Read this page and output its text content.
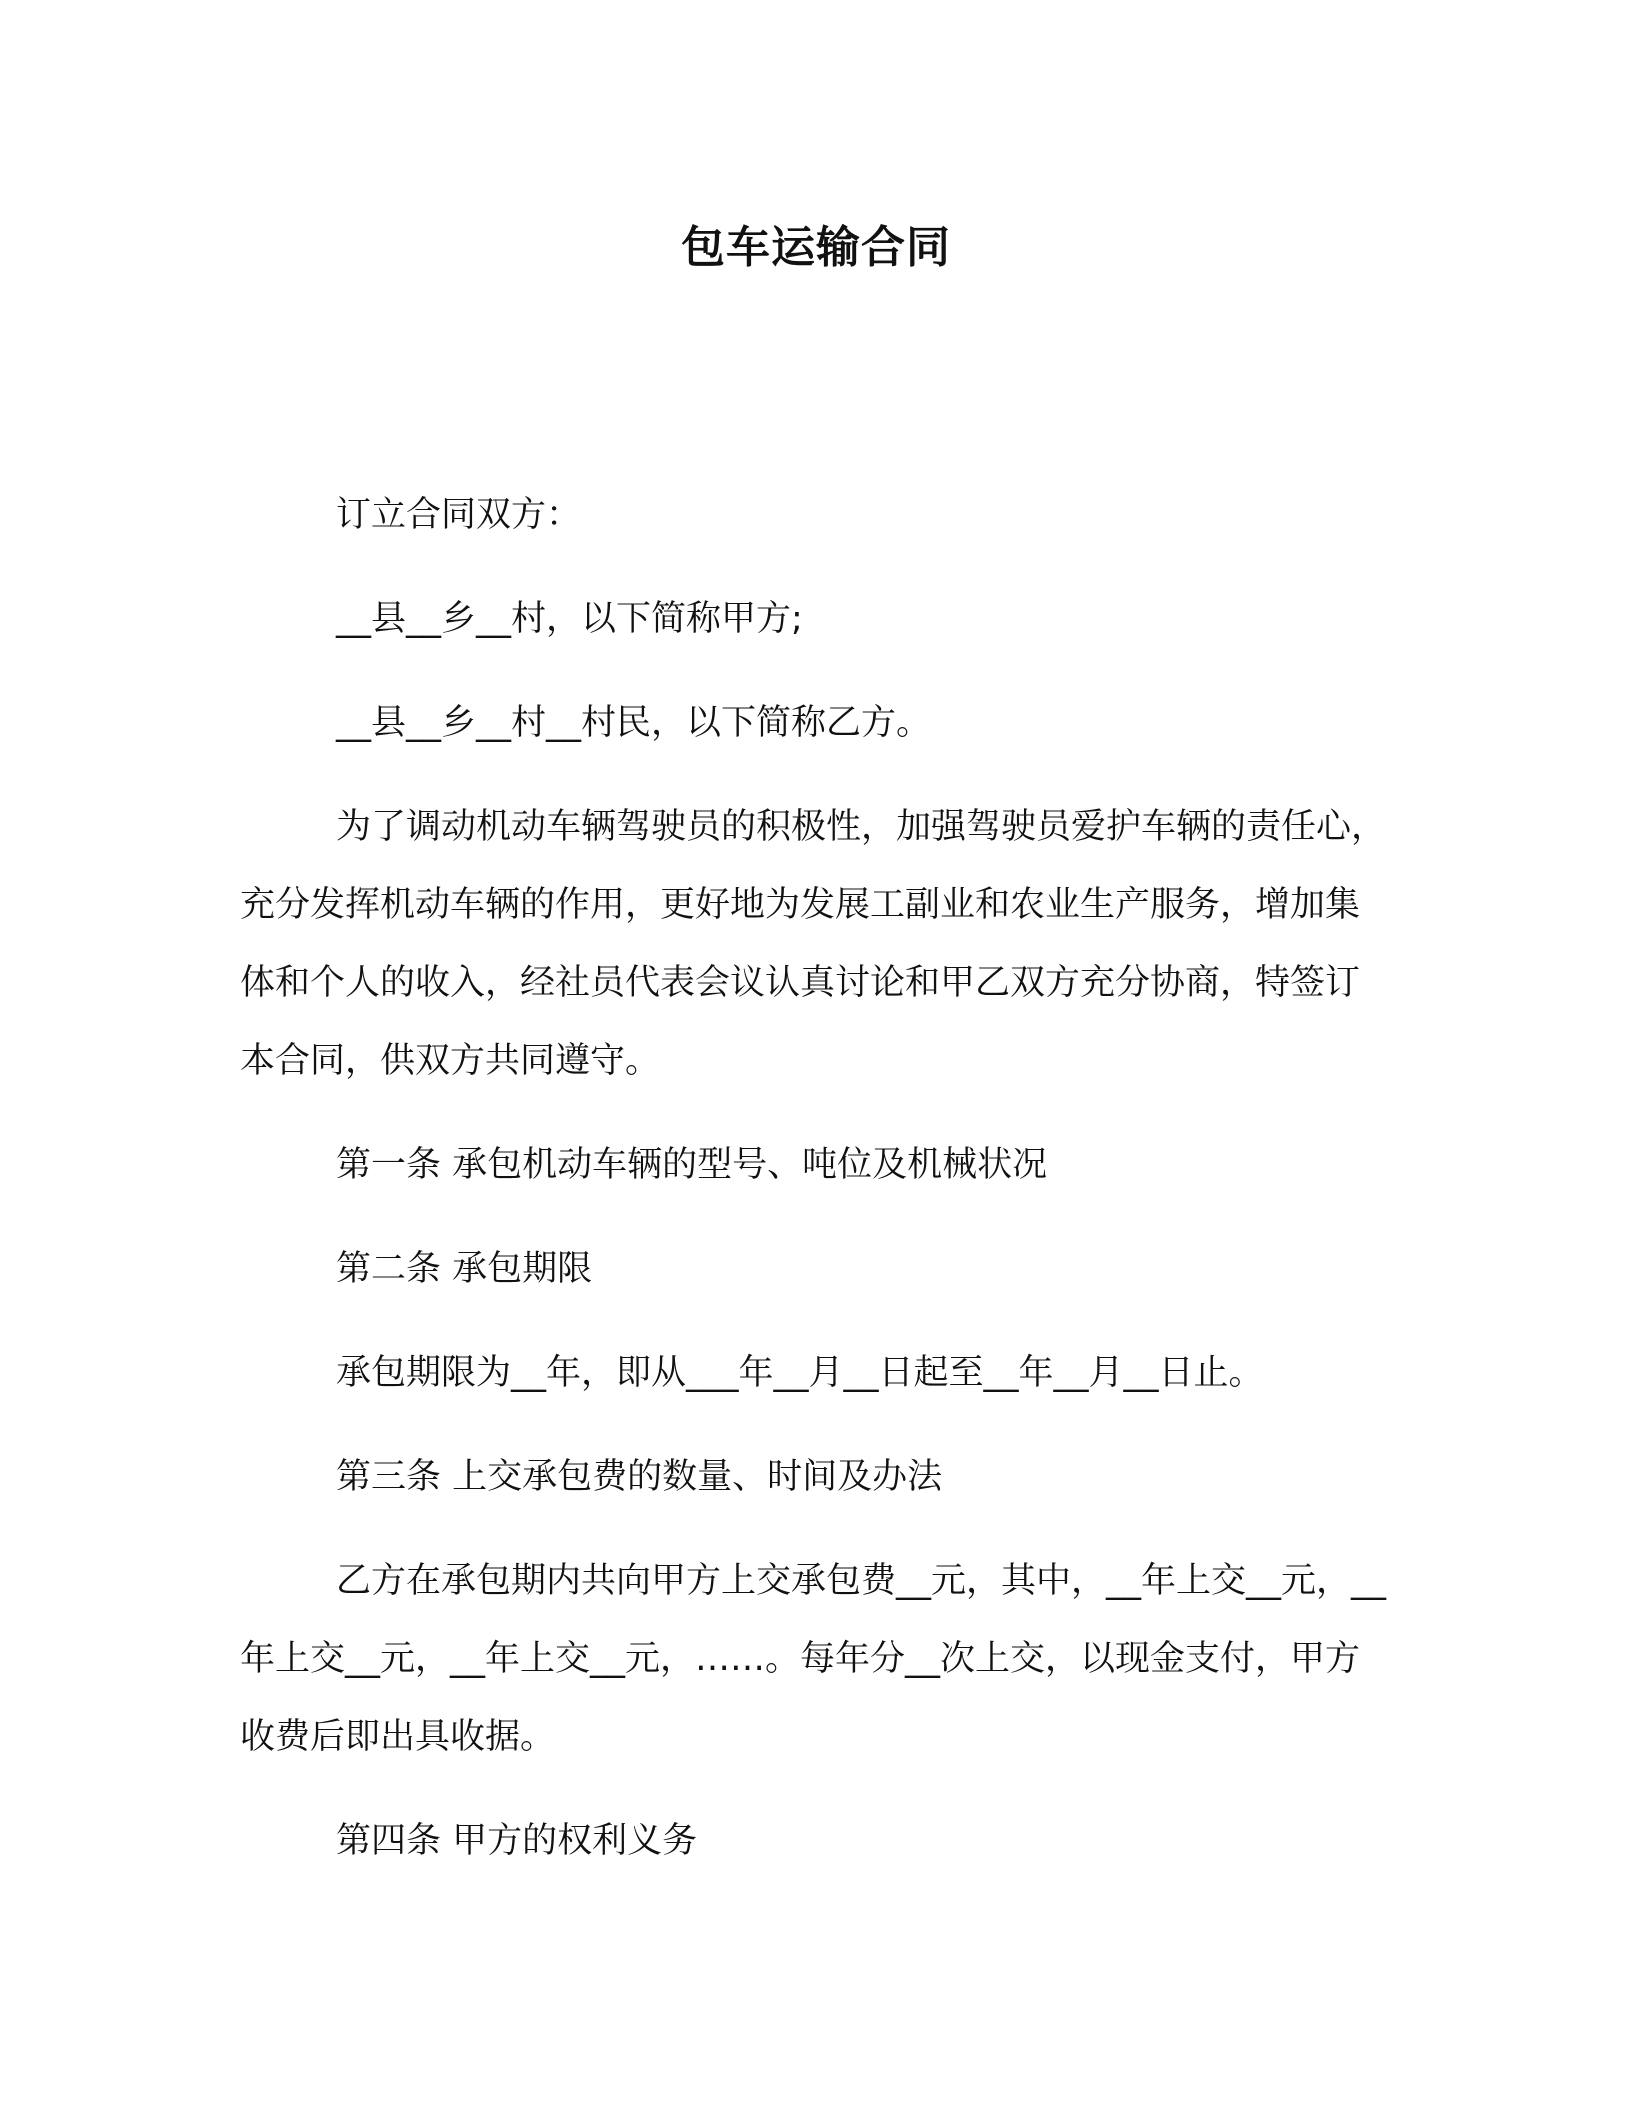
包车运输合同

订立合同双方：

__县__乡__村，以下简称甲方;

__县__乡__村__村民，以下简称乙方。

为了调动机动车辆驾驶员的积极性，加强驾驶员爱护车辆的责任心，充分发挥机动车辆的作用，更好地为发展工副业和农业生产服务，增加集体和个人的收入，经社员代表会议认真讨论和甲乙双方充分协商，特签订本合同，供双方共同遵守。

第一条 承包机动车辆的型号、吨位及机械状况

第二条 承包期限

承包期限为__年，即从___年__月__日起至__年__月__日止。

第三条 上交承包费的数量、时间及办法

乙方在承包期内共向甲方上交承包费__元，其中，__年上交__元，__年上交__元，__年上交__元，……。每年分__次上交，以现金支付，甲方收费后即出具收据。

第四条 甲方的权利义务
